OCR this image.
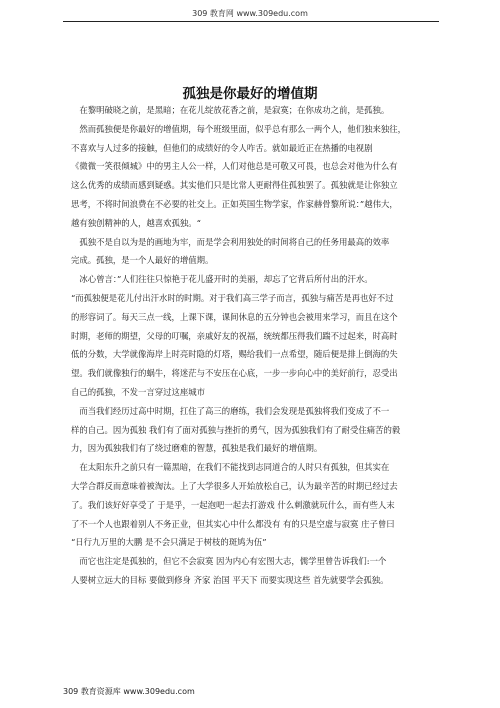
309 教育网 www.309edu.com
孤独是你最好的增值期
　在黎明破晓之前，是黑暗；在花儿绽放花香之前，是寂寞；在你成功之前，是孤独。
　然而孤独便是你最好的增值期，每个班级里面，似乎总有那么一两个人，他们独来独往，
不喜欢与人过多的接触，但他们的成绩好的令人咋舌。就如最近正在热播的电视剧
《微微一笑很倾城》中的男主人公一样，人们对他总是可敬又可畏，也总会对他为什么有
这么优秀的成绩而感到疑惑。其实他们只是比常人更耐得住孤独罢了。孤独就是让你独立
思考，不将时间浪费在不必要的社交上。正如英国生物学家，作家赫骨黎所说：”越伟大，
越有独创精神的人，越喜欢孤独。“
　孤独不是自以为是的画地为牢，而是学会利用独处的时间将自己的任务用最高的效率
完成。孤独，是一个人最好的增值期。
　冰心曾言：”人们往往只惊艳于花儿盛开时的美丽，却忘了它背后所付出的汗水。
“而孤独便是花儿付出汗水时的时期。对于我们高三学子而言，孤独与痛苦是再也好不过
的形容词了。每天三点一线，上课下课，课间休息的五分钟也会被用来学习，而且在这个
时期，老师的期望，父母的叮嘱，亲戚好友的祝福，统统都压得我们踹不过起来，时高时
低的分数，大学就像海岸上时亮时隐的灯塔，赐给我们一点希望，随后便是排上倒海的失
望。我们就像独行的蜗牛，将迷茫与不安压在心底，一步一步向心中的美好前行，忍受出
自己的孤独，不发一言穿过这座城市
　而当我们经历过高中时期，扛住了高三的磨练，我们会发现是孤独将我们变成了不一
样的自己。因为孤独 我们有了面对孤独与挫折的勇气，因为孤独我们有了耐受住痛苦的毅
力，因为孤独我们有了绕过磨难的智慧，孤独是我们最好的增值期。
　在太阳东升之前只有一篇黑暗，在我们不能找到志同道合的人时只有孤独，但其实在
大学合群反而意味着被淘汰。上了大学很多人开始放松自己，认为最辛苦的时期已经过去
了。我们该好好享受了 于是乎，一起泡吧一起去打游戏 什么刺激就玩什么，而有些人末
了不一个人也跟着别人不务正业，但其实心中什么都没有 有的只是空虚与寂寞 庄子曾曰
“日行九万里的大鹏 是不会只满足于树枝的斑鸠为伍”
　而它也注定是孤独的，但它不会寂寞 因为内心有宏图大志，儒学里曾告诉我们:一个
人要树立远大的目标 要做到修身 齐家 治国 平天下 而要实现这些 首先就要学会孤独。
309 教育资源库 www.309edu.com
